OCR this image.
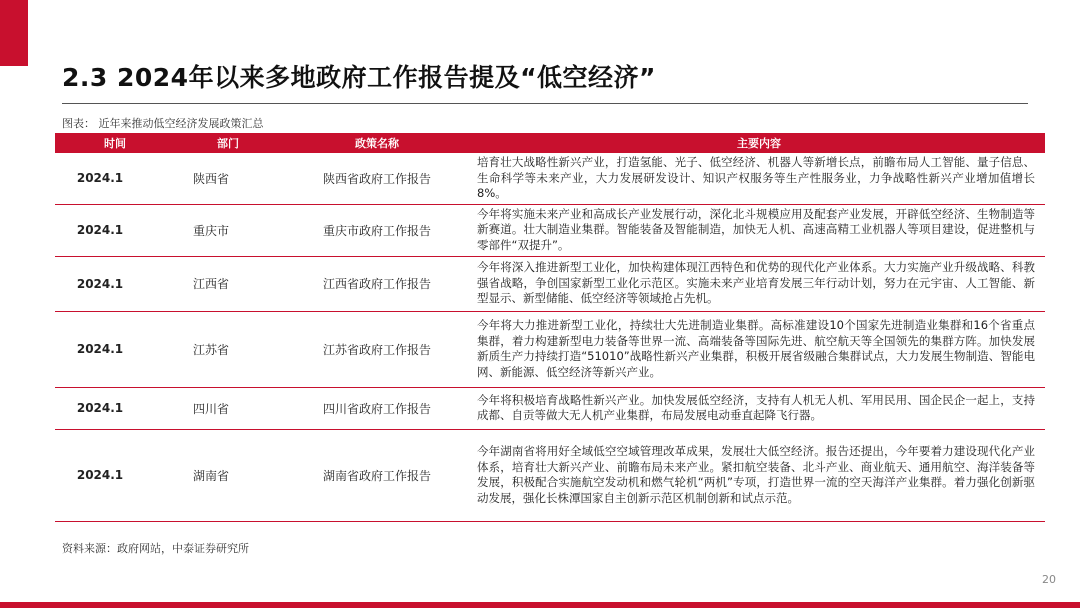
2.3 2024年以来多地政府工作报告提及“低空经济”
图表： 近年来推动低空经济发展政策汇总
时间	部门	政策名称	主要内容
2024.1	陕西省	陕西省政府工作报告	培育壮大战略性新兴产业，打造氢能、光子、低空经济、机器人等新增长点，前瞻布局人工智能、量子信息、生命科学等未来产业，大力发展研发设计、知识产权服务等生产性服务业，力争战略性新兴产业增加值增长8%。
2024.1	重庆市	重庆市政府工作报告	今年将实施未来产业和高成长产业发展行动，深化北斗规模应用及配套产业发展，开辟低空经济、生物制造等新赛道。壮大制造业集群。智能装备及智能制造，加快无人机、高速高精工业机器人等项目建设，促进整机与零部件“双提升”。
2024.1	江西省	江西省政府工作报告	今年将深入推进新型工业化，加快构建体现江西特色和优势的现代化产业体系。大力实施产业升级战略、科教强省战略，争创国家新型工业化示范区。实施未来产业培育发展三年行动计划，努力在元宇宙、人工智能、新型显示、新型储能、低空经济等领域抢占先机。
2024.1	江苏省	江苏省政府工作报告	今年将大力推进新型工业化，持续壮大先进制造业集群。高标准建设10个国家先进制造业集群和16个省重点集群，着力构建新型电力装备等世界一流、高端装备等国际先进、航空航天等全国领先的集群方阵。加快发展新质生产力持续打造“51010”战略性新兴产业集群，积极开展省级融合集群试点，大力发展生物制造、智能电网、新能源、低空经济等新兴产业。
2024.1	四川省	四川省政府工作报告	今年将积极培育战略性新兴产业。加快发展低空经济，支持有人机无人机、军用民用、国企民企一起上，支持成都、自贡等做大无人机产业集群，布局发展电动垂直起降飞行器。
2024.1	湖南省	湖南省政府工作报告	今年湖南省将用好全域低空空域管理改革成果，发展壮大低空经济。报告还提出，今年要着力建设现代化产业体系，培育壮大新兴产业、前瞻布局未来产业。紧扣航空装备、北斗产业、商业航天、通用航空、海洋装备等发展，积极配合实施航空发动机和燃气轮机“两机”专项，打造世界一流的空天海洋产业集群。着力强化创新驱动发展，强化长株潭国家自主创新示范区机制创新和试点示范。
资料来源：政府网站，中泰证券研究所
20
